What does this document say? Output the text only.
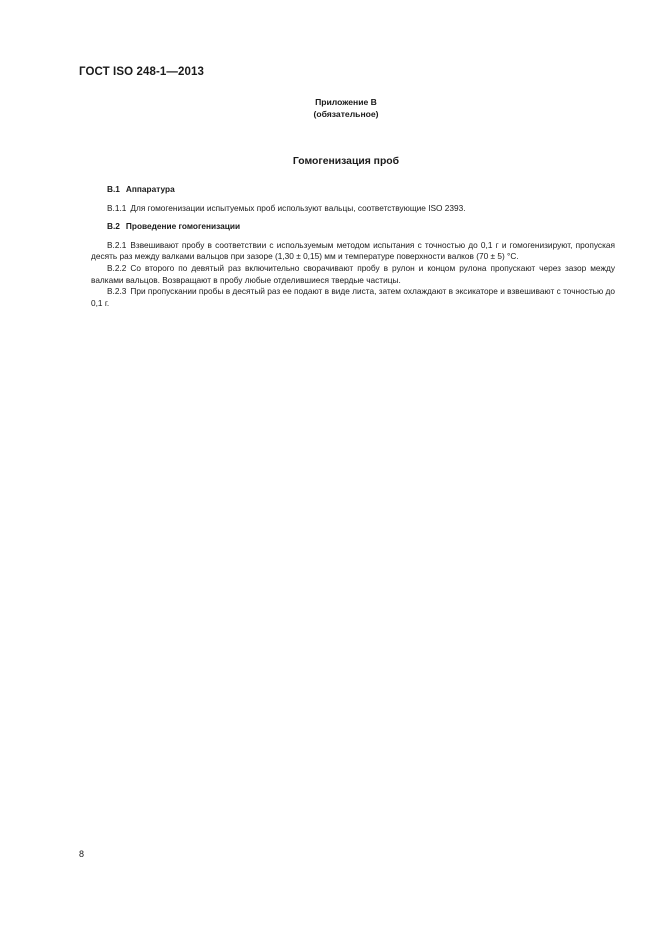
ГОСТ ISO 248-1—2013
Приложение В
(обязательное)
Гомогенизация проб
В.1 Аппаратура

В.1.1 Для гомогенизации испытуемых проб используют вальцы, соответствующие ISO 2393.

В.2 Проведение гомогенизации

В.2.1 Взвешивают пробу в соответствии с используемым методом испытания с точностью до 0,1 г и гомогенизируют, пропуская десять раз между валками вальцов при зазоре (1,30 ± 0,15) мм и температуре поверхности валков (70 ± 5) °С.

В.2.2 Со второго по девятый раз включительно сворачивают пробу в рулон и концом рулона пропускают через зазор между валками вальцов. Возвращают в пробу любые отделившиеся твердые частицы.

В.2.3 При пропускании пробы в десятый раз ее подают в виде листа, затем охлаждают в эксикаторе и взвешивают с точностью до 0,1 г.

8
